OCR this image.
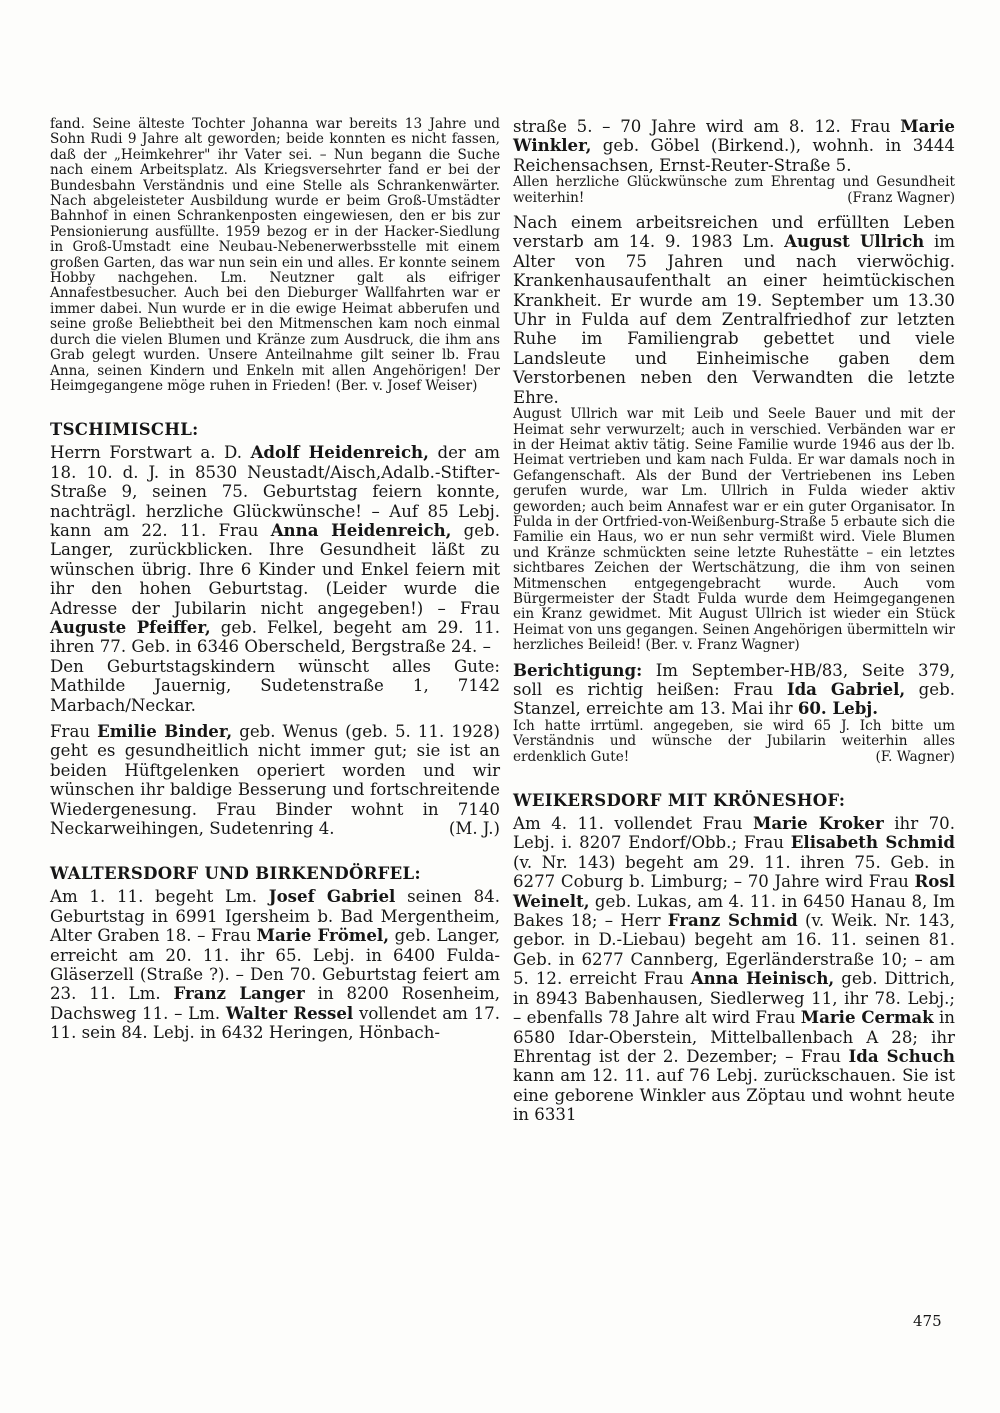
fand. Seine älteste Tochter Johanna war bereits 13 Jahre und Sohn Rudi 9 Jahre alt geworden; beide konnten es nicht fassen, daß der „Heimkehrer" ihr Vater sei. – Nun begann die Suche nach einem Arbeitsplatz. Als Kriegsversehrter fand er bei der Bundesbahn Verständnis und eine Stelle als Schrankenwärter. Nach abgeleisteter Ausbildung wurde er beim Groß-Umstädter Bahnhof in einen Schrankenposten eingewiesen, den er bis zur Pensionierung ausfüllte. 1959 bezog er in der Hacker-Siedlung in Groß-Umstadt eine Neubau-Nebenerwerbsstelle mit einem großen Garten, das war nun sein ein und alles. Er konnte seinem Hobby nachgehen. Lm. Neutzner galt als eifriger Annafestbesucher. Auch bei den Dieburger Wallfahrten war er immer dabei. Nun wurde er in die ewige Heimat abberufen und seine große Beliebtheit bei den Mitmenschen kam noch einmal durch die vielen Blumen und Kränze zum Ausdruck, die ihm ans Grab gelegt wurden. Unsere Anteilnahme gilt seiner lb. Frau Anna, seinen Kindern und Enkeln mit allen Angehörigen! Der Heimgegangene möge ruhen in Frieden! (Ber. v. Josef Weiser)

TSCHIMISCHL:

Herrn Forstwart a. D. Adolf Heidenreich, der am 18. 10. d. J. in 8530 Neustadt/Aisch,Adalb.-Stifter-Straße 9, seinen 75. Geburtstag feiern konnte, nachträgl. herzliche Glückwünsche! – Auf 85 Lebj. kann am 22. 11. Frau Anna Heidenreich, geb. Langer, zurückblicken. Ihre Gesundheit läßt zu wünschen übrig. Ihre 6 Kinder und Enkel feiern mit ihr den hohen Geburtstag. (Leider wurde die Adresse der Jubilarin nicht angegeben!) – Frau Auguste Pfeiffer, geb. Felkel, begeht am 29. 11. ihren 77. Geb. in 6346 Oberscheld, Bergstraße 24. –

Den Geburtstagskindern wünscht alles Gute: Mathilde Jauernig, Sudetenstraße 1, 7142 Marbach/Neckar.

Frau Emilie Binder, geb. Wenus (geb. 5. 11. 1928) geht es gesundheitlich nicht immer gut; sie ist an beiden Hüftgelenken operiert worden und wir wünschen ihr baldige Besserung und fortschreitende Wiedergenesung. Frau Binder wohnt in 7140 Neckarweihingen, Sudetenring 4.	(M. J.)

WALTERSDORF UND BIRKENDÖRFEL:

Am 1. 11. begeht Lm. Josef Gabriel seinen 84. Geburtstag in 6991 Igersheim b. Bad Mergentheim, Alter Graben 18. – Frau Marie Frömel, geb. Langer, erreicht am 20. 11. ihr 65. Lebj. in 6400 Fulda-Gläserzell (Straße ?). – Den 70. Geburtstag feiert am 23. 11. Lm. Franz Langer in 8200 Rosenheim, Dachsweg 11. – Lm. Walter Ressel vollendet am 17. 11. sein 84. Lebj. in 6432 Heringen, Hönbach-

straße 5. – 70 Jahre wird am 8. 12. Frau Marie Winkler, geb. Göbel (Birkend.), wohnh. in 3444 Reichensachsen, Ernst-Reuter-Straße 5.

Allen herzliche Glückwünsche zum Ehrentag und Gesundheit weiterhin!	(Franz Wagner)

Nach einem arbeitsreichen und erfüllten Leben verstarb am 14. 9. 1983 Lm. August Ullrich im Alter von 75 Jahren und nach vierwöchig. Krankenhausaufenthalt an einer heimtückischen Krankheit. Er wurde am 19. September um 13.30 Uhr in Fulda auf dem Zentralfriedhof zur letzten Ruhe im Familiengrab gebettet und viele Landsleute und Einheimische gaben dem Verstorbenen neben den Verwandten die letzte Ehre.

August Ullrich war mit Leib und Seele Bauer und mit der Heimat sehr verwurzelt; auch in verschied. Verbänden war er in der Heimat aktiv tätig. Seine Familie wurde 1946 aus der lb. Heimat vertrieben und kam nach Fulda. Er war damals noch in Gefangenschaft. Als der Bund der Vertriebenen ins Leben gerufen wurde, war Lm. Ullrich in Fulda wieder aktiv geworden; auch beim Annafest war er ein guter Organisator. In Fulda in der Ortfried-von-Weißenburg-Straße 5 erbaute sich die Familie ein Haus, wo er nun sehr vermißt wird. Viele Blumen und Kränze schmückten seine letzte Ruhestätte – ein letztes sichtbares Zeichen der Wertschätzung, die ihm von seinen Mitmenschen entgegengebracht wurde. Auch vom Bürgermeister der Stadt Fulda wurde dem Heimgegangenen ein Kranz gewidmet. Mit August Ullrich ist wieder ein Stück Heimat von uns gegangen. Seinen Angehörigen übermitteln wir herzliches Beileid! (Ber. v. Franz Wagner)

Berichtigung: Im September-HB/83, Seite 379, soll es richtig heißen: Frau Ida Gabriel, geb. Stanzel, erreichte am 13. Mai ihr 60. Lebj.

Ich hatte irrtüml. angegeben, sie wird 65 J. Ich bitte um Verständnis und wünsche der Jubilarin weiterhin alles erdenklich Gute!	(F. Wagner)

WEIKERSDORF MIT KRÖNESHOF:

Am 4. 11. vollendet Frau Marie Kroker ihr 70. Lebj. i. 8207 Endorf/Obb.; Frau Elisabeth Schmid (v. Nr. 143) begeht am 29. 11. ihren 75. Geb. in 6277 Coburg b. Limburg; – 70 Jahre wird Frau Rosl Weinelt, geb. Lukas, am 4. 11. in 6450 Hanau 8, Im Bakes 18; – Herr Franz Schmid (v. Weik. Nr. 143, gebor. in D.-Liebau) begeht am 16. 11. seinen 81. Geb. in 6277 Cannberg, Egerländerstraße 10; – am 5. 12. erreicht Frau Anna Heinisch, geb. Dittrich, in 8943 Babenhausen, Siedlerweg 11, ihr 78. Lebj.; – ebenfalls 78 Jahre alt wird Frau Marie Cermak in 6580 Idar-Oberstein, Mittelballenbach A 28; ihr Ehrentag ist der 2. Dezember; – Frau Ida Schuch kann am 12. 11. auf 76 Lebj. zurückschauen. Sie ist eine geborene Winkler aus Zöptau und wohnt heute in 6331

475
